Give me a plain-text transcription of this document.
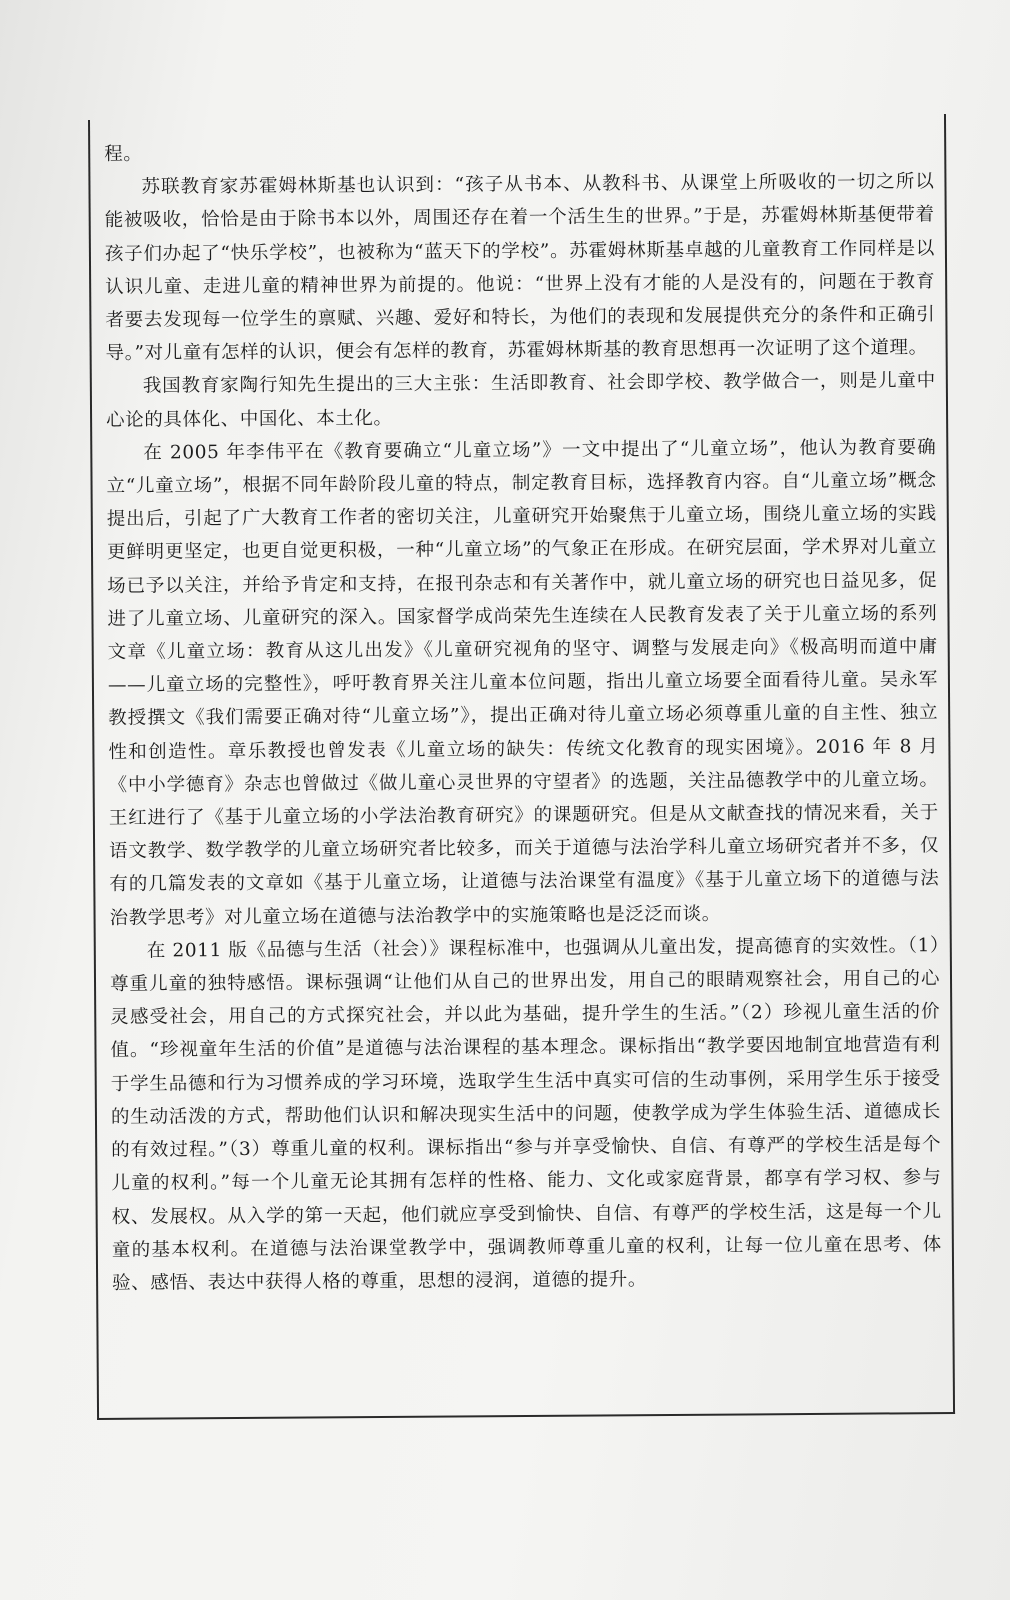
程。

苏联教育家苏霍姆林斯基也认识到：“孩子从书本、从教科书、从课堂上所吸收的一切之所以能被吸收，恰恰是由于除书本以外，周围还存在着一个活生生的世界。”于是，苏霍姆林斯基便带着孩子们办起了“快乐学校”，也被称为“蓝天下的学校”。苏霍姆林斯基卓越的儿童教育工作同样是以认识儿童、走进儿童的精神世界为前提的。他说：“世界上没有才能的人是没有的，问题在于教育者要去发现每一位学生的禀赋、兴趣、爱好和特长，为他们的表现和发展提供充分的条件和正确引导。”对儿童有怎样的认识，便会有怎样的教育，苏霍姆林斯基的教育思想再一次证明了这个道理。

我国教育家陶行知先生提出的三大主张：生活即教育、社会即学校、教学做合一，则是儿童中心论的具体化、中国化、本土化。

在 2005 年李伟平在《教育要确立“儿童立场”》一文中提出了“儿童立场”，他认为教育要确立“儿童立场”，根据不同年龄阶段儿童的特点，制定教育目标，选择教育内容。自“儿童立场”概念提出后，引起了广大教育工作者的密切关注，儿童研究开始聚焦于儿童立场，围绕儿童立场的实践更鲜明更坚定，也更自觉更积极，一种“儿童立场”的气象正在形成。在研究层面，学术界对儿童立场已予以关注，并给予肯定和支持，在报刊杂志和有关著作中，就儿童立场的研究也日益见多，促进了儿童立场、儿童研究的深入。国家督学成尚荣先生连续在人民教育发表了关于儿童立场的系列文章《儿童立场：教育从这儿出发》《儿童研究视角的坚守、调整与发展走向》《极高明而道中庸——儿童立场的完整性》，呼吁教育界关注儿童本位问题，指出儿童立场要全面看待儿童。吴永军教授撰文《我们需要正确对待“儿童立场”》，提出正确对待儿童立场必须尊重儿童的自主性、独立性和创造性。章乐教授也曾发表《儿童立场的缺失：传统文化教育的现实困境》。2016 年 8 月《中小学德育》杂志也曾做过《做儿童心灵世界的守望者》的选题，关注品德教学中的儿童立场。王红进行了《基于儿童立场的小学法治教育研究》的课题研究。但是从文献查找的情况来看，关于语文教学、数学教学的儿童立场研究者比较多，而关于道德与法治学科儿童立场研究者并不多，仅有的几篇发表的文章如《基于儿童立场，让道德与法治课堂有温度》《基于儿童立场下的道德与法治教学思考》对儿童立场在道德与法治教学中的实施策略也是泛泛而谈。

在 2011 版《品德与生活（社会）》课程标准中，也强调从儿童出发，提高德育的实效性。（1）尊重儿童的独特感悟。课标强调“让他们从自己的世界出发，用自己的眼睛观察社会，用自己的心灵感受社会，用自己的方式探究社会，并以此为基础，提升学生的生活。”（2）珍视儿童生活的价值。“珍视童年生活的价值”是道德与法治课程的基本理念。课标指出“教学要因地制宜地营造有利于学生品德和行为习惯养成的学习环境，选取学生生活中真实可信的生动事例，采用学生乐于接受的生动活泼的方式，帮助他们认识和解决现实生活中的问题，使教学成为学生体验生活、道德成长的有效过程。”（3）尊重儿童的权利。课标指出“参与并享受愉快、自信、有尊严的学校生活是每个儿童的权利。”每一个儿童无论其拥有怎样的性格、能力、文化或家庭背景，都享有学习权、参与权、发展权。从入学的第一天起，他们就应享受到愉快、自信、有尊严的学校生活，这是每一个儿童的基本权利。在道德与法治课堂教学中，强调教师尊重儿童的权利，让每一位儿童在思考、体验、感悟、表达中获得人格的尊重，思想的浸润，道德的提升。
